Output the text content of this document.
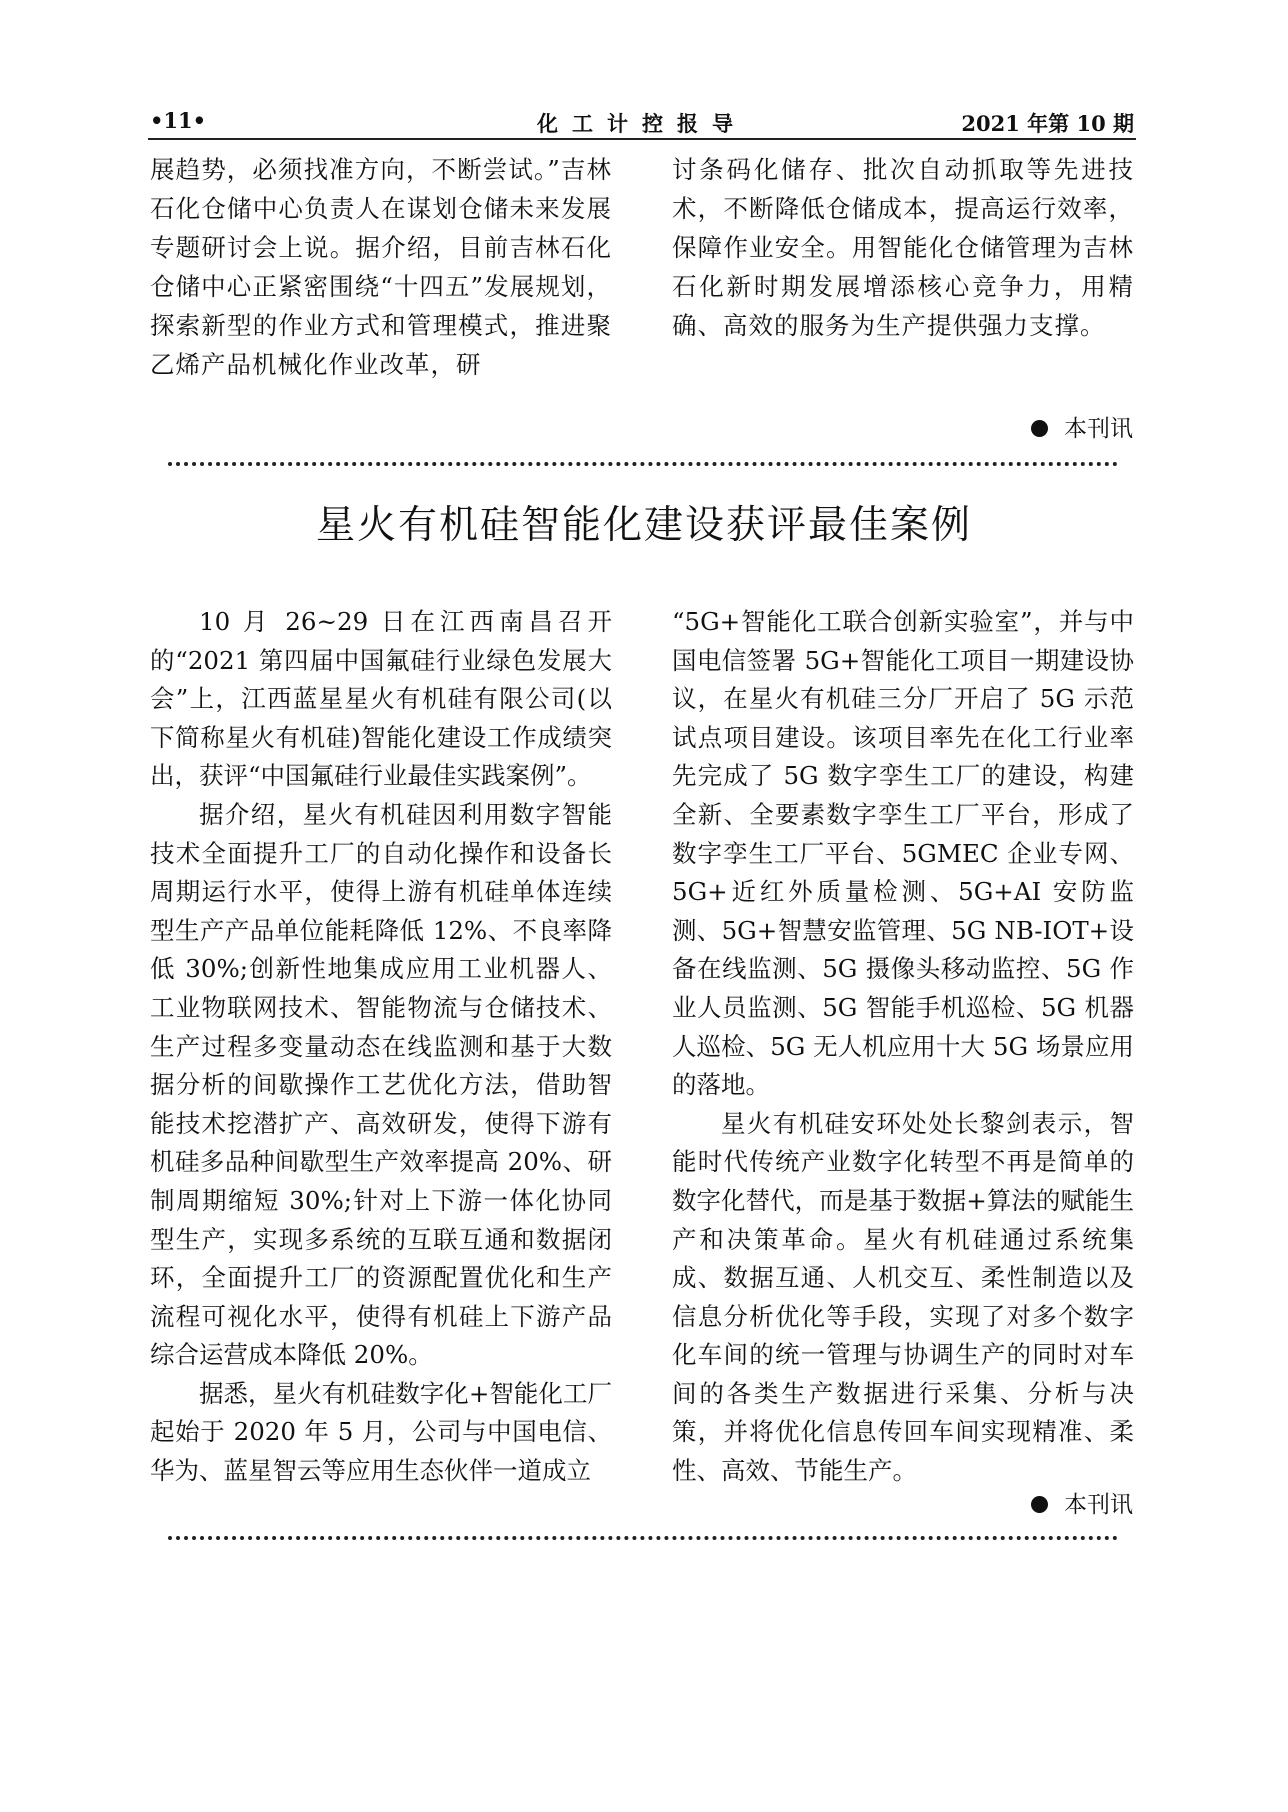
化工计控报导
•11•	2021 年第 10 期

展趋势，必须找准方向，不断尝试。”吉林石化仓储中心负责人在谋划仓储未来发展专题研讨会上说。据介绍，目前吉林石化仓储中心正紧密围绕“十四五”发展规划，探索新型的作业方式和管理模式，推进聚乙烯产品机械化作业改革，研

讨条码化储存、批次自动抓取等先进技术，不断降低仓储成本，提高运行效率，保障作业安全。用智能化仓储管理为吉林石化新时期发展增添核心竞争力，用精确、高效的服务为生产提供强力支撑。

本刊讯
星火有机硅智能化建设获评最佳案例

10 月 26~29 日在江西南昌召开的“2021 第四届中国氟硅行业绿色发展大会”上，江西蓝星星火有机硅有限公司(以下简称星火有机硅)智能化建设工作成绩突出，获评“中国氟硅行业最佳实践案例”。

据介绍，星火有机硅因利用数字智能技术全面提升工厂的自动化操作和设备长周期运行水平，使得上游有机硅单体连续型生产产品单位能耗降低 12%、不良率降低 30%;创新性地集成应用工业机器人、工业物联网技术、智能物流与仓储技术、生产过程多变量动态在线监测和基于大数据分析的间歇操作工艺优化方法，借助智能技术挖潜扩产、高效研发，使得下游有机硅多品种间歇型生产效率提高 20%、研制周期缩短 30%;针对上下游一体化协同型生产，实现多系统的互联互通和数据闭环，全面提升工厂的资源配置优化和生产流程可视化水平，使得有机硅上下游产品综合运营成本降低 20%。

据悉，星火有机硅数字化+智能化工厂起始于 2020 年 5 月，公司与中国电信、华为、蓝星智云等应用生态伙伴一道成立

“5G+智能化工联合创新实验室”，并与中国电信签署 5G+智能化工项目一期建设协议，在星火有机硅三分厂开启了 5G 示范试点项目建设。该项目率先在化工行业率先完成了 5G 数字孪生工厂的建设，构建全新、全要素数字孪生工厂平台，形成了数字孪生工厂平台、5GMEC 企业专网、5G+近红外质量检测、5G+AI 安防监测、5G+智慧安监管理、5G NB-IOT+设备在线监测、5G 摄像头移动监控、5G 作业人员监测、5G 智能手机巡检、5G 机器人巡检、5G 无人机应用十大 5G 场景应用的落地。

星火有机硅安环处处长黎剑表示，智能时代传统产业数字化转型不再是简单的数字化替代，而是基于数据+算法的赋能生产和决策革命。星火有机硅通过系统集成、数据互通、人机交互、柔性制造以及信息分析优化等手段，实现了对多个数字化车间的统一管理与协调生产的同时对车间的各类生产数据进行采集、分析与决策，并将优化信息传回车间实现精准、柔性、高效、节能生产。

本刊讯
